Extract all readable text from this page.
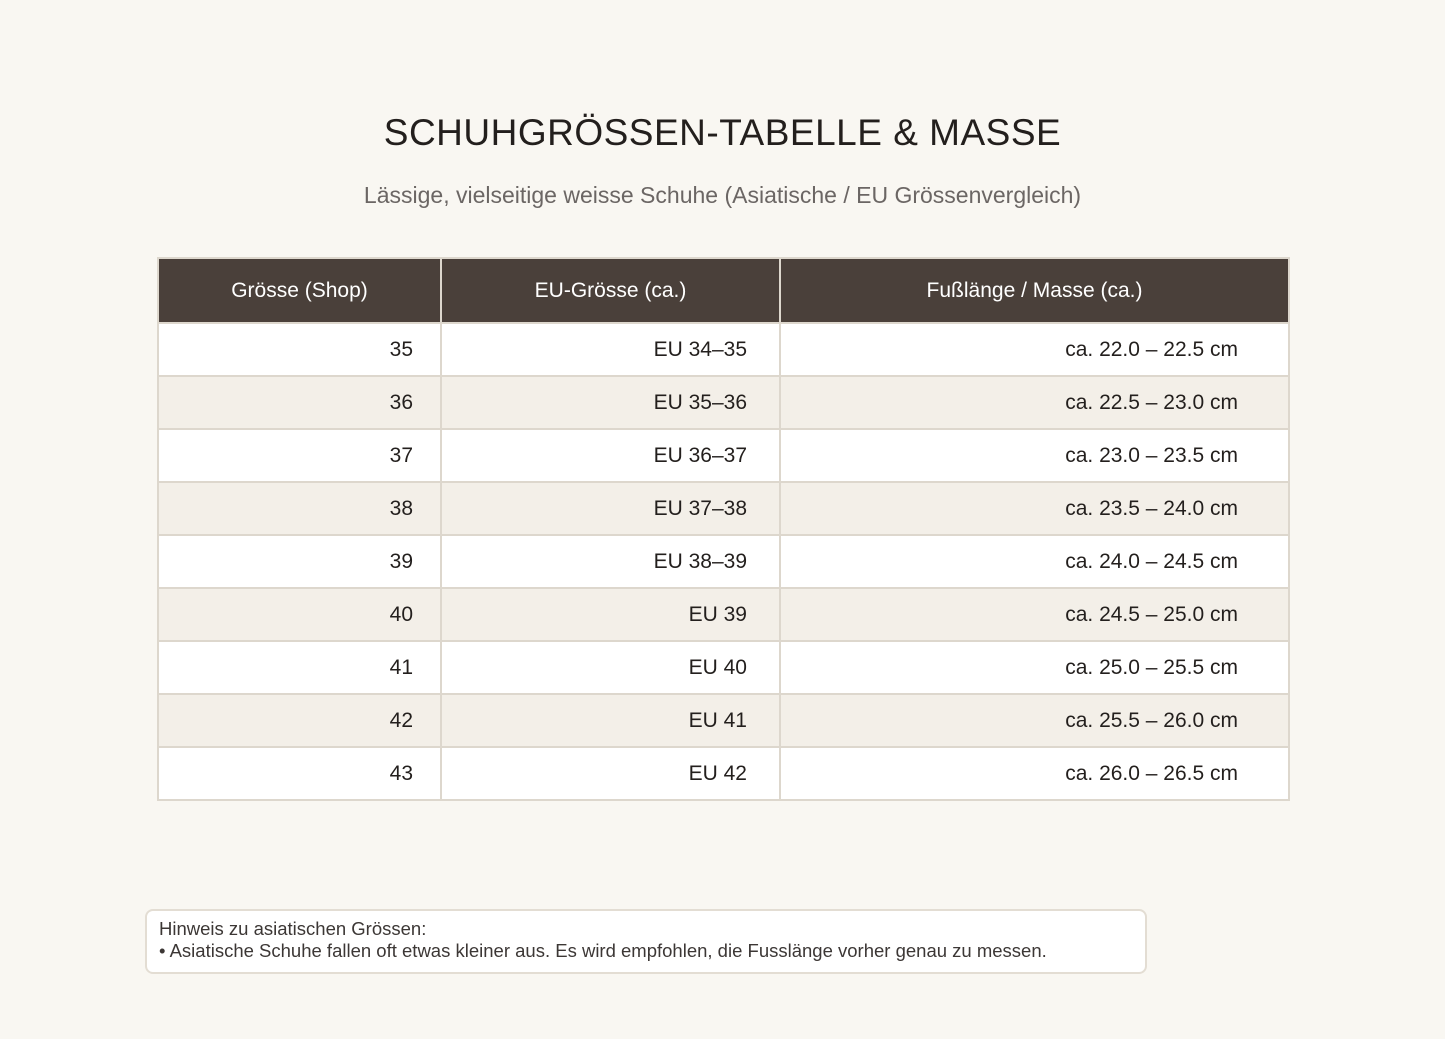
SCHUHGRÖSSEN-TABELLE & MASSE

Lässige, vielseitige weisse Schuhe (Asiatische / EU Grössenvergleich)

Grösse (Shop)	EU-Grösse (ca.)	Fußlänge / Masse (ca.)
35	EU 34–35	ca. 22.0 – 22.5 cm
36	EU 35–36	ca. 22.5 – 23.0 cm
37	EU 36–37	ca. 23.0 – 23.5 cm
38	EU 37–38	ca. 23.5 – 24.0 cm
39	EU 38–39	ca. 24.0 – 24.5 cm
40	EU 39	ca. 24.5 – 25.0 cm
41	EU 40	ca. 25.0 – 25.5 cm
42	EU 41	ca. 25.5 – 26.0 cm
43	EU 42	ca. 26.0 – 26.5 cm
Hinweis zu asiatischen Grössen:
• Asiatische Schuhe fallen oft etwas kleiner aus. Es wird empfohlen, die Fusslänge vorher genau zu messen.
